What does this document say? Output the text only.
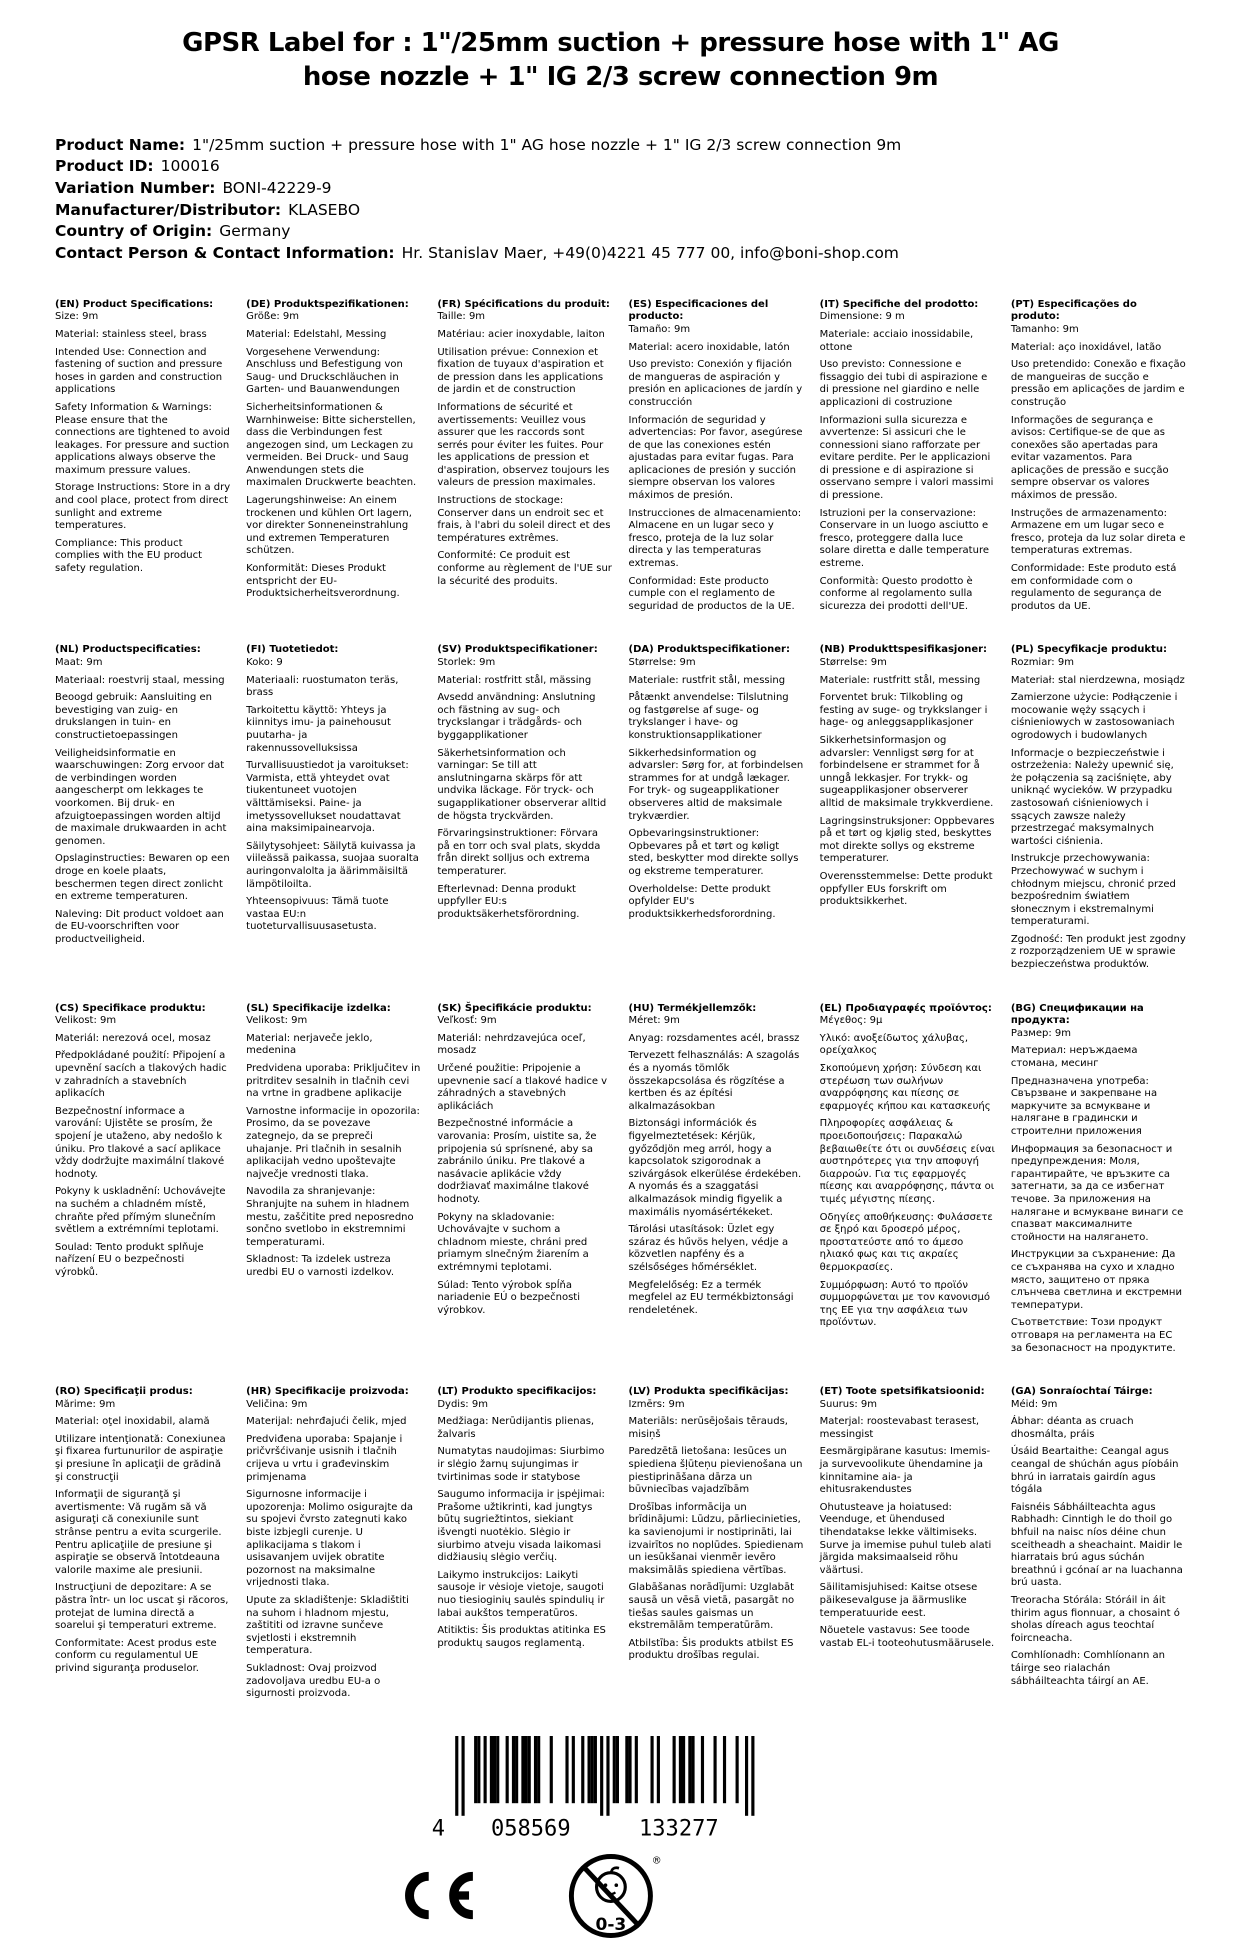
GPSR Label for : 1"/25mm suction + pressure hose with 1" AG hose nozzle + 1" IG 2/3 screw connection 9m
Product Name: 1"/25mm suction + pressure hose with 1" AG hose nozzle + 1" IG 2/3 screw connection 9m
Product ID: 100016
Variation Number: BONI-42229-9
Manufacturer/Distributor: KLASEBO
Country of Origin: Germany
Contact Person & Contact Information: Hr. Stanislav Maer, +49(0)4221 45 777 00, info@boni-shop.com
(EN) Product Specifications:

Size: 9m

Material: stainless steel, brass

Intended Use: Connection and fastening of suction and pressure hoses in garden and construction applications

Safety Information & Warnings: Please ensure that the connections are tightened to avoid leakages. For pressure and suction applications always observe the maximum pressure values.

Storage Instructions: Store in a dry and cool place, protect from direct sunlight and extreme temperatures.

Compliance: This product complies with the EU product safety regulation.

(DE) Produktspezifikationen:

Größe: 9m

Material: Edelstahl, Messing

Vorgesehene Verwendung: Anschluss und Befestigung von Saug- und Druckschläuchen in Garten- und Bauanwendungen

Sicherheitsinformationen & Warnhinweise: Bitte sicherstellen, dass die Verbindungen fest angezogen sind, um Leckagen zu vermeiden. Bei Druck- und Saug Anwendungen stets die maximalen Druckwerte beachten.

Lagerungshinweise: An einem trockenen und kühlen Ort lagern, vor direkter Sonneneinstrahlung und extremen Temperaturen schützen.

Konformität: Dieses Produkt entspricht der EU-Produktsicherheitsverordnung.

(FR) Spécifications du produit:

Taille: 9m

Matériau: acier inoxydable, laiton

Utilisation prévue: Connexion et fixation de tuyaux d'aspiration et de pression dans les applications de jardin et de construction

Informations de sécurité et avertissements: Veuillez vous assurer que les raccords sont serrés pour éviter les fuites. Pour les applications de pression et d'aspiration, observez toujours les valeurs de pression maximales.

Instructions de stockage: Conserver dans un endroit sec et frais, à l'abri du soleil direct et des températures extrêmes.

Conformité: Ce produit est conforme au règlement de l'UE sur la sécurité des produits.

(ES) Especificaciones del producto:

Tamaño: 9m

Material: acero inoxidable, latón

Uso previsto: Conexión y fijación de mangueras de aspiración y presión en aplicaciones de jardín y construcción

Información de seguridad y advertencias: Por favor, asegúrese de que las conexiones estén ajustadas para evitar fugas. Para aplicaciones de presión y succión siempre observan los valores máximos de presión.

Instrucciones de almacenamiento: Almacene en un lugar seco y fresco, proteja de la luz solar directa y las temperaturas extremas.

Conformidad: Este producto cumple con el reglamento de seguridad de productos de la UE.

(IT) Specifiche del prodotto:

Dimensione: 9 m

Materiale: acciaio inossidabile, ottone

Uso previsto: Connessione e fissaggio dei tubi di aspirazione e di pressione nel giardino e nelle applicazioni di costruzione

Informazioni sulla sicurezza e avvertenze: Si assicuri che le connessioni siano rafforzate per evitare perdite. Per le applicazioni di pressione e di aspirazione si osservano sempre i valori massimi di pressione.

Istruzioni per la conservazione: Conservare in un luogo asciutto e fresco, proteggere dalla luce solare diretta e dalle temperature estreme.

Conformità: Questo prodotto è conforme al regolamento sulla sicurezza dei prodotti dell'UE.

(PT) Especificações do produto:

Tamanho: 9m

Material: aço inoxidável, latão

Uso pretendido: Conexão e fixação de mangueiras de sucção e pressão em aplicações de jardim e construção

Informações de segurança e avisos: Certifique-se de que as conexões são apertadas para evitar vazamentos. Para aplicações de pressão e sucção sempre observar os valores máximos de pressão.

Instruções de armazenamento: Armazene em um lugar seco e fresco, proteja da luz solar direta e temperaturas extremas.

Conformidade: Este produto está em conformidade com o regulamento de segurança de produtos da UE.

(NL) Productspecificaties:

Maat: 9m

Materiaal: roestvrij staal, messing

Beoogd gebruik: Aansluiting en bevestiging van zuig- en drukslangen in tuin- en constructietoepassingen

Veiligheidsinformatie en waarschuwingen: Zorg ervoor dat de verbindingen worden aangescherpt om lekkages te voorkomen. Bij druk- en afzuigtoepassingen worden altijd de maximale drukwaarden in acht genomen.

Opslaginstructies: Bewaren op een droge en koele plaats, beschermen tegen direct zonlicht en extreme temperaturen.

Naleving: Dit product voldoet aan de EU-voorschriften voor productveiligheid.

(FI) Tuotetiedot:

Koko: 9

Materiaali: ruostumaton teräs, brass

Tarkoitettu käyttö: Yhteys ja kiinnitys imu- ja painehousut puutarha- ja rakennussovelluksissa

Turvallisuustiedot ja varoitukset: Varmista, että yhteydet ovat tiukentuneet vuotojen välttämiseksi. Paine- ja imetyssovellukset noudattavat aina maksimipainearvoja.

Säilytysohjeet: Säilytä kuivassa ja viileässä paikassa, suojaa suoralta auringonvalolta ja äärimmäisiltä lämpötiloilta.

Yhteensopivuus: Tämä tuote vastaa EU:n tuoteturvallisuusasetusta.

(SV) Produktspecifikationer:

Storlek: 9m

Material: rostfritt stål, mässing

Avsedd användning: Anslutning och fästning av sug- och tryckslangar i trädgårds- och byggapplikationer

Säkerhetsinformation och varningar: Se till att anslutningarna skärps för att undvika läckage. För tryck- och sugapplikationer observerar alltid de högsta tryckvärden.

Förvaringsinstruktioner: Förvara på en torr och sval plats, skydda från direkt solljus och extrema temperaturer.

Efterlevnad: Denna produkt uppfyller EU:s produktsäkerhetsförordning.

(DA) Produktspecifikationer:

Størrelse: 9m

Materiale: rustfrit stål, messing

Påtænkt anvendelse: Tilslutning og fastgørelse af suge- og trykslanger i have- og konstruktionsapplikationer

Sikkerhedsinformation og advarsler: Sørg for, at forbindelsen strammes for at undgå lækager. For tryk- og sugeapplikationer observeres altid de maksimale trykværdier.

Opbevaringsinstruktioner: Opbevares på et tørt og køligt sted, beskytter mod direkte sollys og ekstreme temperaturer.

Overholdelse: Dette produkt opfylder EU's produktsikkerhedsforordning.

(NB) Produkttspesifikasjoner:

Størrelse: 9m

Materiale: rustfritt stål, messing

Forventet bruk: Tilkobling og festing av suge- og trykkslanger i hage- og anleggsapplikasjoner

Sikkerhetsinformasjon og advarsler: Vennligst sørg for at forbindelsene er strammet for å unngå lekkasjer. For trykk- og sugeapplikasjoner observerer alltid de maksimale trykkverdiene.

Lagringsinstruksjoner: Oppbevares på et tørt og kjølig sted, beskyttes mot direkte sollys og ekstreme temperaturer.

Overensstemmelse: Dette produkt oppfyller EUs forskrift om produktsikkerhet.

(PL) Specyfikacje produktu:

Rozmiar: 9m

Materiał: stal nierdzewna, mosiądz

Zamierzone użycie: Podłączenie i mocowanie węży ssących i ciśnieniowych w zastosowaniach ogrodowych i budowlanych

Informacje o bezpieczeństwie i ostrzeżenia: Należy upewnić się, że połączenia są zaciśnięte, aby uniknąć wycieków. W przypadku zastosowań ciśnieniowych i ssących zawsze należy przestrzegać maksymalnych wartości ciśnienia.

Instrukcje przechowywania: Przechowywać w suchym i chłodnym miejscu, chronić przed bezpośrednim światłem słonecznym i ekstremalnymi temperaturami.

Zgodność: Ten produkt jest zgodny z rozporządzeniem UE w sprawie bezpieczeństwa produktów.

(CS) Specifikace produktu:

Velikost: 9m

Materiál: nerezová ocel, mosaz

Předpokládané použití: Připojení a upevnění sacích a tlakových hadic v zahradních a stavebních aplikacích

Bezpečnostní informace a varování: Ujistěte se prosím, že spojení je utaženo, aby nedošlo k úniku. Pro tlakové a sací aplikace vždy dodržujte maximální tlakové hodnoty.

Pokyny k uskladnění: Uchovávejte na suchém a chladném místě, chraňte před přímým slunečním světlem a extrémními teplotami.

Soulad: Tento produkt splňuje nařízení EU o bezpečnosti výrobků.

(SL) Specifikacije izdelka:

Velikost: 9m

Material: nerjaveče jeklo, medenina

Predvidena uporaba: Priključitev in pritrditev sesalnih in tlačnih cevi na vrtne in gradbene aplikacije

Varnostne informacije in opozorila: Prosimo, da se povezave zategnejo, da se prepreči uhajanje. Pri tlačnih in sesalnih aplikacijah vedno upoštevajte največje vrednosti tlaka.

Navodila za shranjevanje: Shranjujte na suhem in hladnem mestu, zaščitite pred neposredno sončno svetlobo in ekstremnimi temperaturami.

Skladnost: Ta izdelek ustreza uredbi EU o varnosti izdelkov.

(SK) Špecifikácie produktu:

Veľkosť: 9m

Materiál: nehrdzavejúca oceľ, mosadz

Určené použitie: Pripojenie a upevnenie sací a tlakové hadice v záhradných a stavebných aplikáciách

Bezpečnostné informácie a varovania: Prosím, uistite sa, že pripojenia sú sprísnené, aby sa zabránilo úniku. Pre tlakové a nasávacie aplikácie vždy dodržiavať maximálne tlakové hodnoty.

Pokyny na skladovanie: Uchovávajte v suchom a chladnom mieste, chráni pred priamym slnečným žiarením a extrémnymi teplotami.

Súlad: Tento výrobok spĺňa nariadenie EÚ o bezpečnosti výrobkov.

(HU) Termékjellemzők:

Méret: 9m

Anyag: rozsdamentes acél, brassz

Tervezett felhasználás: A szagolás és a nyomás tömlők összekapcsolása és rögzítése a kertben és az építési alkalmazásokban

Biztonsági információk és figyelmeztetések: Kérjük, győződjön meg arról, hogy a kapcsolatok szigorodnak a szivárgások elkerülése érdekében. A nyomás és a szaggatási alkalmazások mindig figyelik a maximális nyomásértékeket.

Tárolási utasítások: Üzlet egy száraz és hűvös helyen, védje a közvetlen napfény és a szélsőséges hőmérséklet.

Megfelelőség: Ez a termék megfelel az EU termékbiztonsági rendeletének.

(EL) Προδιαγραφές προϊόντος:

Μέγεθος: 9μ

Υλικό: ανοξείδωτος χάλυβας, ορείχαλκος

Σκοπούμενη χρήση: Σύνδεση και στερέωση των σωλήνων αναρρόφησης και πίεσης σε εφαρμογές κήπου και κατασκευής

Πληροφορίες ασφάλειας & προειδοποιήσεις: Παρακαλώ βεβαιωθείτε ότι οι συνδέσεις είναι αυστηρότερες για την αποφυγή διαρροών. Για τις εφαρμογές πίεσης και αναρρόφησης, πάντα οι τιμές μέγιστης πίεσης.

Οδηγίες αποθήκευσης: Φυλάσσετε σε ξηρό και δροσερό μέρος, προστατεύστε από το άμεσο ηλιακό φως και τις ακραίες θερμοκρασίες.

Συμμόρφωση: Αυτό το προϊόν συμμορφώνεται με τον κανονισμό της ΕΕ για την ασφάλεια των προϊόντων.

(BG) Спецификации на продукта:

Размер: 9m

Материал: неръждаема стомана, месинг

Предназначена употреба: Свързване и закрепване на маркучите за всмукване и налягане в градински и строителни приложения

Информация за безопасност и предупреждения: Моля, гарантирайте, че връзките са затегнати, за да се избегнат течове. За приложения на налягане и всмукване винаги се спазват максималните стойности на налягането.

Инструкции за съхранение: Да се съхранява на сухо и хладно място, защитено от пряка слънчева светлина и екстремни температури.

Съответствие: Този продукт отговаря на регламента на ЕС за безопасност на продуктите.

(RO) Specificaţii produs:

Mărime: 9m

Material: oţel inoxidabil, alamă

Utilizare intenţionată: Conexiunea şi fixarea furtunurilor de aspiraţie şi presiune în aplicaţii de grădină şi construcţii

Informaţii de siguranţă şi avertismente: Vă rugăm să vă asiguraţi că conexiunile sunt strânse pentru a evita scurgerile. Pentru aplicaţiile de presiune şi aspiraţie se observă întotdeauna valorile maxime ale presiunii.

Instrucţiuni de depozitare: A se păstra într- un loc uscat şi răcoros, protejat de lumina directă a soarelui şi temperaturi extreme.

Conformitate: Acest produs este conform cu regulamentul UE privind siguranţa produselor.

(HR) Specifikacije proizvoda:

Veličina: 9m

Materijal: nehrđajući čelik, mjed

Predviđena uporaba: Spajanje i pričvršćivanje usisnih i tlačnih crijeva u vrtu i građevinskim primjenama

Sigurnosne informacije i upozorenja: Molimo osigurajte da su spojevi čvrsto zategnuti kako biste izbjegli curenje. U aplikacijama s tlakom i usisavanjem uvijek obratite pozornost na maksimalne vrijednosti tlaka.

Upute za skladištenje: Skladištiti na suhom i hladnom mjestu, zaštititi od izravne sunčeve svjetlosti i ekstremnih temperatura.

Sukladnost: Ovaj proizvod zadovoljava uredbu EU-a o sigurnosti proizvoda.

(LT) Produkto specifikacijos:

Dydis: 9m

Medžiaga: Nerūdijantis plienas, žalvaris

Numatytas naudojimas: Siurbimo ir slėgio žarnų sujungimas ir tvirtinimas sode ir statybose

Saugumo informacija ir įspėjimai: Prašome užtikrinti, kad jungtys būtų sugriežtintos, siekiant išvengti nuotėkio. Slėgio ir siurbimo atveju visada laikomasi didžiausių slėgio verčių.

Laikymo instrukcijos: Laikyti sausoje ir vėsioje vietoje, saugoti nuo tiesioginių saulės spindulių ir labai aukštos temperatūros.

Atitiktis: Šis produktas atitinka ES produktų saugos reglamentą.

(LV) Produkta specifikācijas:

Izmērs: 9m

Materiāls: nerūsējošais tērauds, misiņš

Paredzētā lietošana: Iesūces un spiediena šļūteņu pievienošana un piestiprināšana dārza un būvniecības vajadzībām

Drošības informācija un brīdinājumi: Lūdzu, pārliecinieties, ka savienojumi ir nostiprināti, lai izvairītos no noplūdes. Spiedienam un iesūkšanai vienmēr ievēro maksimālās spiediena vērtības.

Glabāšanas norādījumi: Uzglabāt sausā un vēsā vietā, pasargāt no tiešas saules gaismas un ekstremālām temperatūrām.

Atbilstība: Šis produkts atbilst ES produktu drošības regulai.

(ET) Toote spetsifikatsioonid:

Suurus: 9m

Materjal: roostevabast terasest, messingist

Eesmärgipärane kasutus: Imemis- ja survevoolikute ühendamine ja kinnitamine aia- ja ehitusrakendustes

Ohutusteave ja hoiatused: Veenduge, et ühendused tihendatakse lekke vältimiseks. Surve ja imemise puhul tuleb alati järgida maksimaalseid rõhu väärtusi.

Säilitamisjuhised: Kaitse otsese päikesevalguse ja äärmuslike temperatuuride eest.

Nõuetele vastavus: See toode vastab EL-i tooteohutusmäärusele.

(GA) Sonraíochtaí Táirge:

Méid: 9m

Ábhar: déanta as cruach dhosmálta, práis

Úsáid Beartaithe: Ceangal agus ceangal de shúchán agus píobáin bhrú in iarratais gairdín agus tógála

Faisnéis Sábháilteachta agus Rabhadh: Cinntigh le do thoil go bhfuil na naisc níos déine chun sceitheadh a sheachaint. Maidir le hiarratais brú agus súchán breathnú i gcónaí ar na luachanna brú uasta.

Treoracha Stórála: Stóráil in áit thirim agus fionnuar, a chosaint ó sholas díreach agus teochtaí foircneacha.

Comhlíonadh: Comhlíonann an táirge seo rialachán sábháilteachta táirgí an AE.

4 058569	133277
0-3
®
